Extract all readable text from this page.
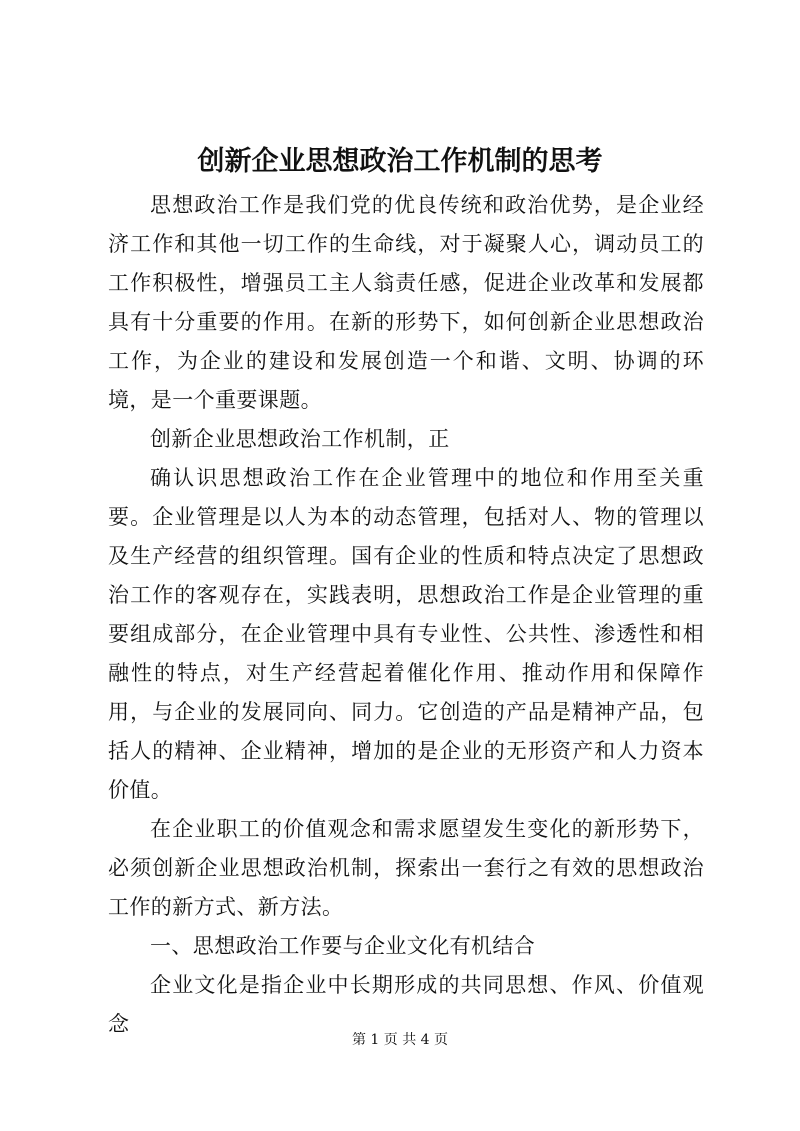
创新企业思想政治工作机制的思考

思想政治工作是我们党的优良传统和政治优势，是企业经济工作和其他一切工作的生命线，对于凝聚人心，调动员工的工作积极性，增强员工主人翁责任感，促进企业改革和发展都具有十分重要的作用。在新的形势下，如何创新企业思想政治工作，为企业的建设和发展创造一个和谐、文明、协调的环境，是一个重要课题。

创新企业思想政治工作机制，正

确认识思想政治工作在企业管理中的地位和作用至关重要。企业管理是以人为本的动态管理，包括对人、物的管理以及生产经营的组织管理。国有企业的性质和特点决定了思想政治工作的客观存在，实践表明，思想政治工作是企业管理的重要组成部分，在企业管理中具有专业性、公共性、渗透性和相融性的特点，对生产经营起着催化作用、推动作用和保障作用，与企业的发展同向、同力。它创造的产品是精神产品，包括人的精神、企业精神，增加的是企业的无形资产和人力资本价值。

在企业职工的价值观念和需求愿望发生变化的新形势下，必须创新企业思想政治机制，探索出一套行之有效的思想政治工作的新方式、新方法。

一、思想政治工作要与企业文化有机结合

企业文化是指企业中长期形成的共同思想、作风、价值观念

第 1 页 共 4 页
